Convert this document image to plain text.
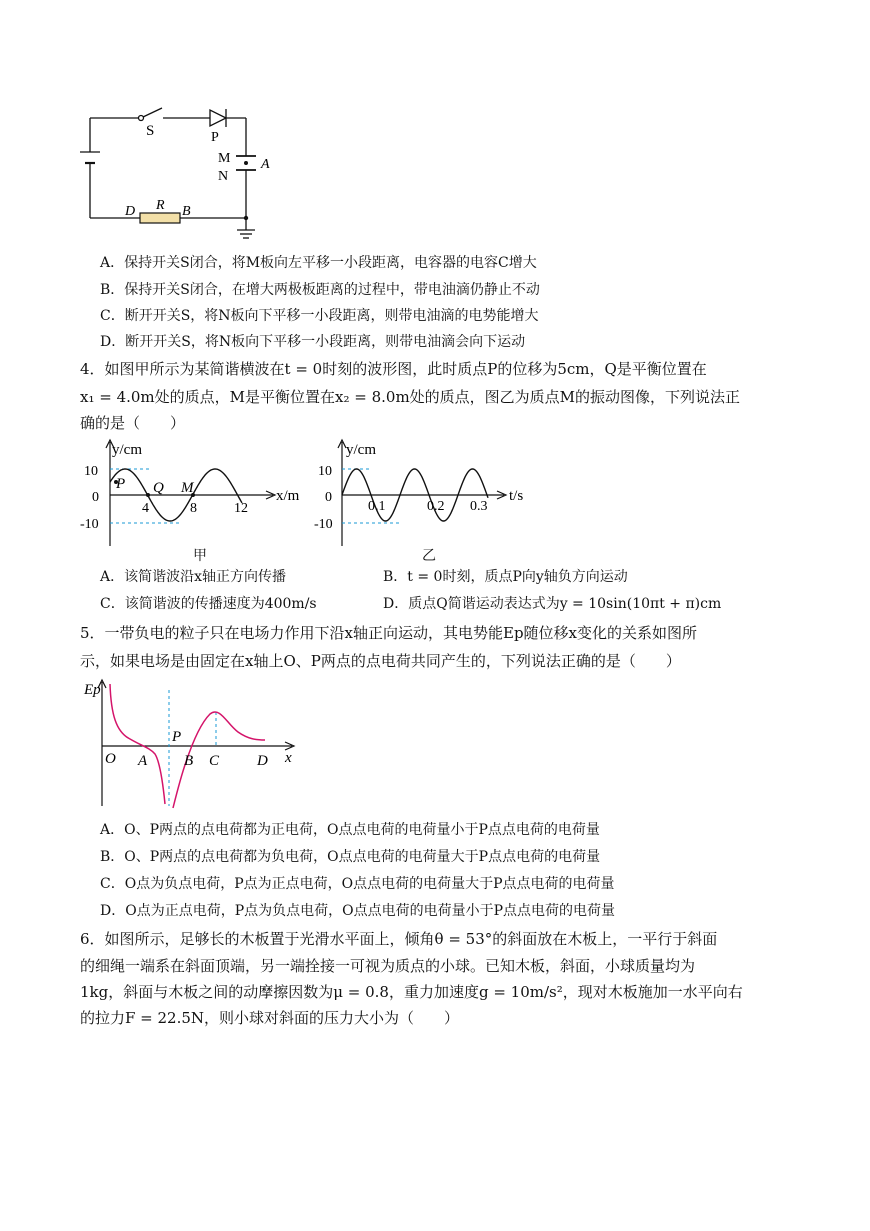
S	P
M
N
A
R
D	B
A．保持开关S闭合，将M板向左平移一小段距离，电容器的电容C增大
B．保持开关S闭合，在增大两极板距离的过程中，带电油滴仍静止不动
C．断开开关S，将N板向下平移一小段距离，则带电油滴的电势能增大
D．断开开关S，将N板向下平移一小段距离，则带电油滴会向下运动
4．如图甲所示为某简谐横波在t = 0时刻的波形图，此时质点P的位移为5cm，Q是平衡位置在
x₁ = 4.0m处的质点，M是平衡位置在x₂ = 8.0m处的质点，图乙为质点M的振动图像，下列说法正
确的是（　　）
y/cm
10
0
-10
4	8	12
x/m
P Q M
甲
y/cm
10
0
-10
0.1	0.2 0.3
t/s
乙
A．该简谐波沿x轴正方向传播	B．t = 0时刻，质点P向y轴负方向运动
C．该简谐波的传播速度为400m/s	D．质点Q简谐运动表达式为y = 10sin(10πt + π)cm
5．一带负电的粒子只在电场力作用下沿x轴正向运动，其电势能Ep随位移x变化的关系如图所
示，如果电场是由固定在x轴上O、P两点的点电荷共同产生的，下列说法正确的是（　　）
Ep
x
O A
P
B C	D
A．O、P两点的点电荷都为正电荷，O点点电荷的电荷量小于P点点电荷的电荷量
B．O、P两点的点电荷都为负电荷，O点点电荷的电荷量大于P点点电荷的电荷量
C．O点为负点电荷，P点为正点电荷，O点点电荷的电荷量大于P点点电荷的电荷量
D．O点为正点电荷，P点为负点电荷，O点点电荷的电荷量小于P点点电荷的电荷量
6．如图所示，足够长的木板置于光滑水平面上，倾角θ = 53°的斜面放在木板上，一平行于斜面
的细绳一端系在斜面顶端，另一端拴接一可视为质点的小球。已知木板，斜面，小球质量均为
1kg，斜面与木板之间的动摩擦因数为μ = 0.8，重力加速度g = 10m/s²，现对木板施加一水平向右
的拉力F = 22.5N，则小球对斜面的压力大小为（　　）
